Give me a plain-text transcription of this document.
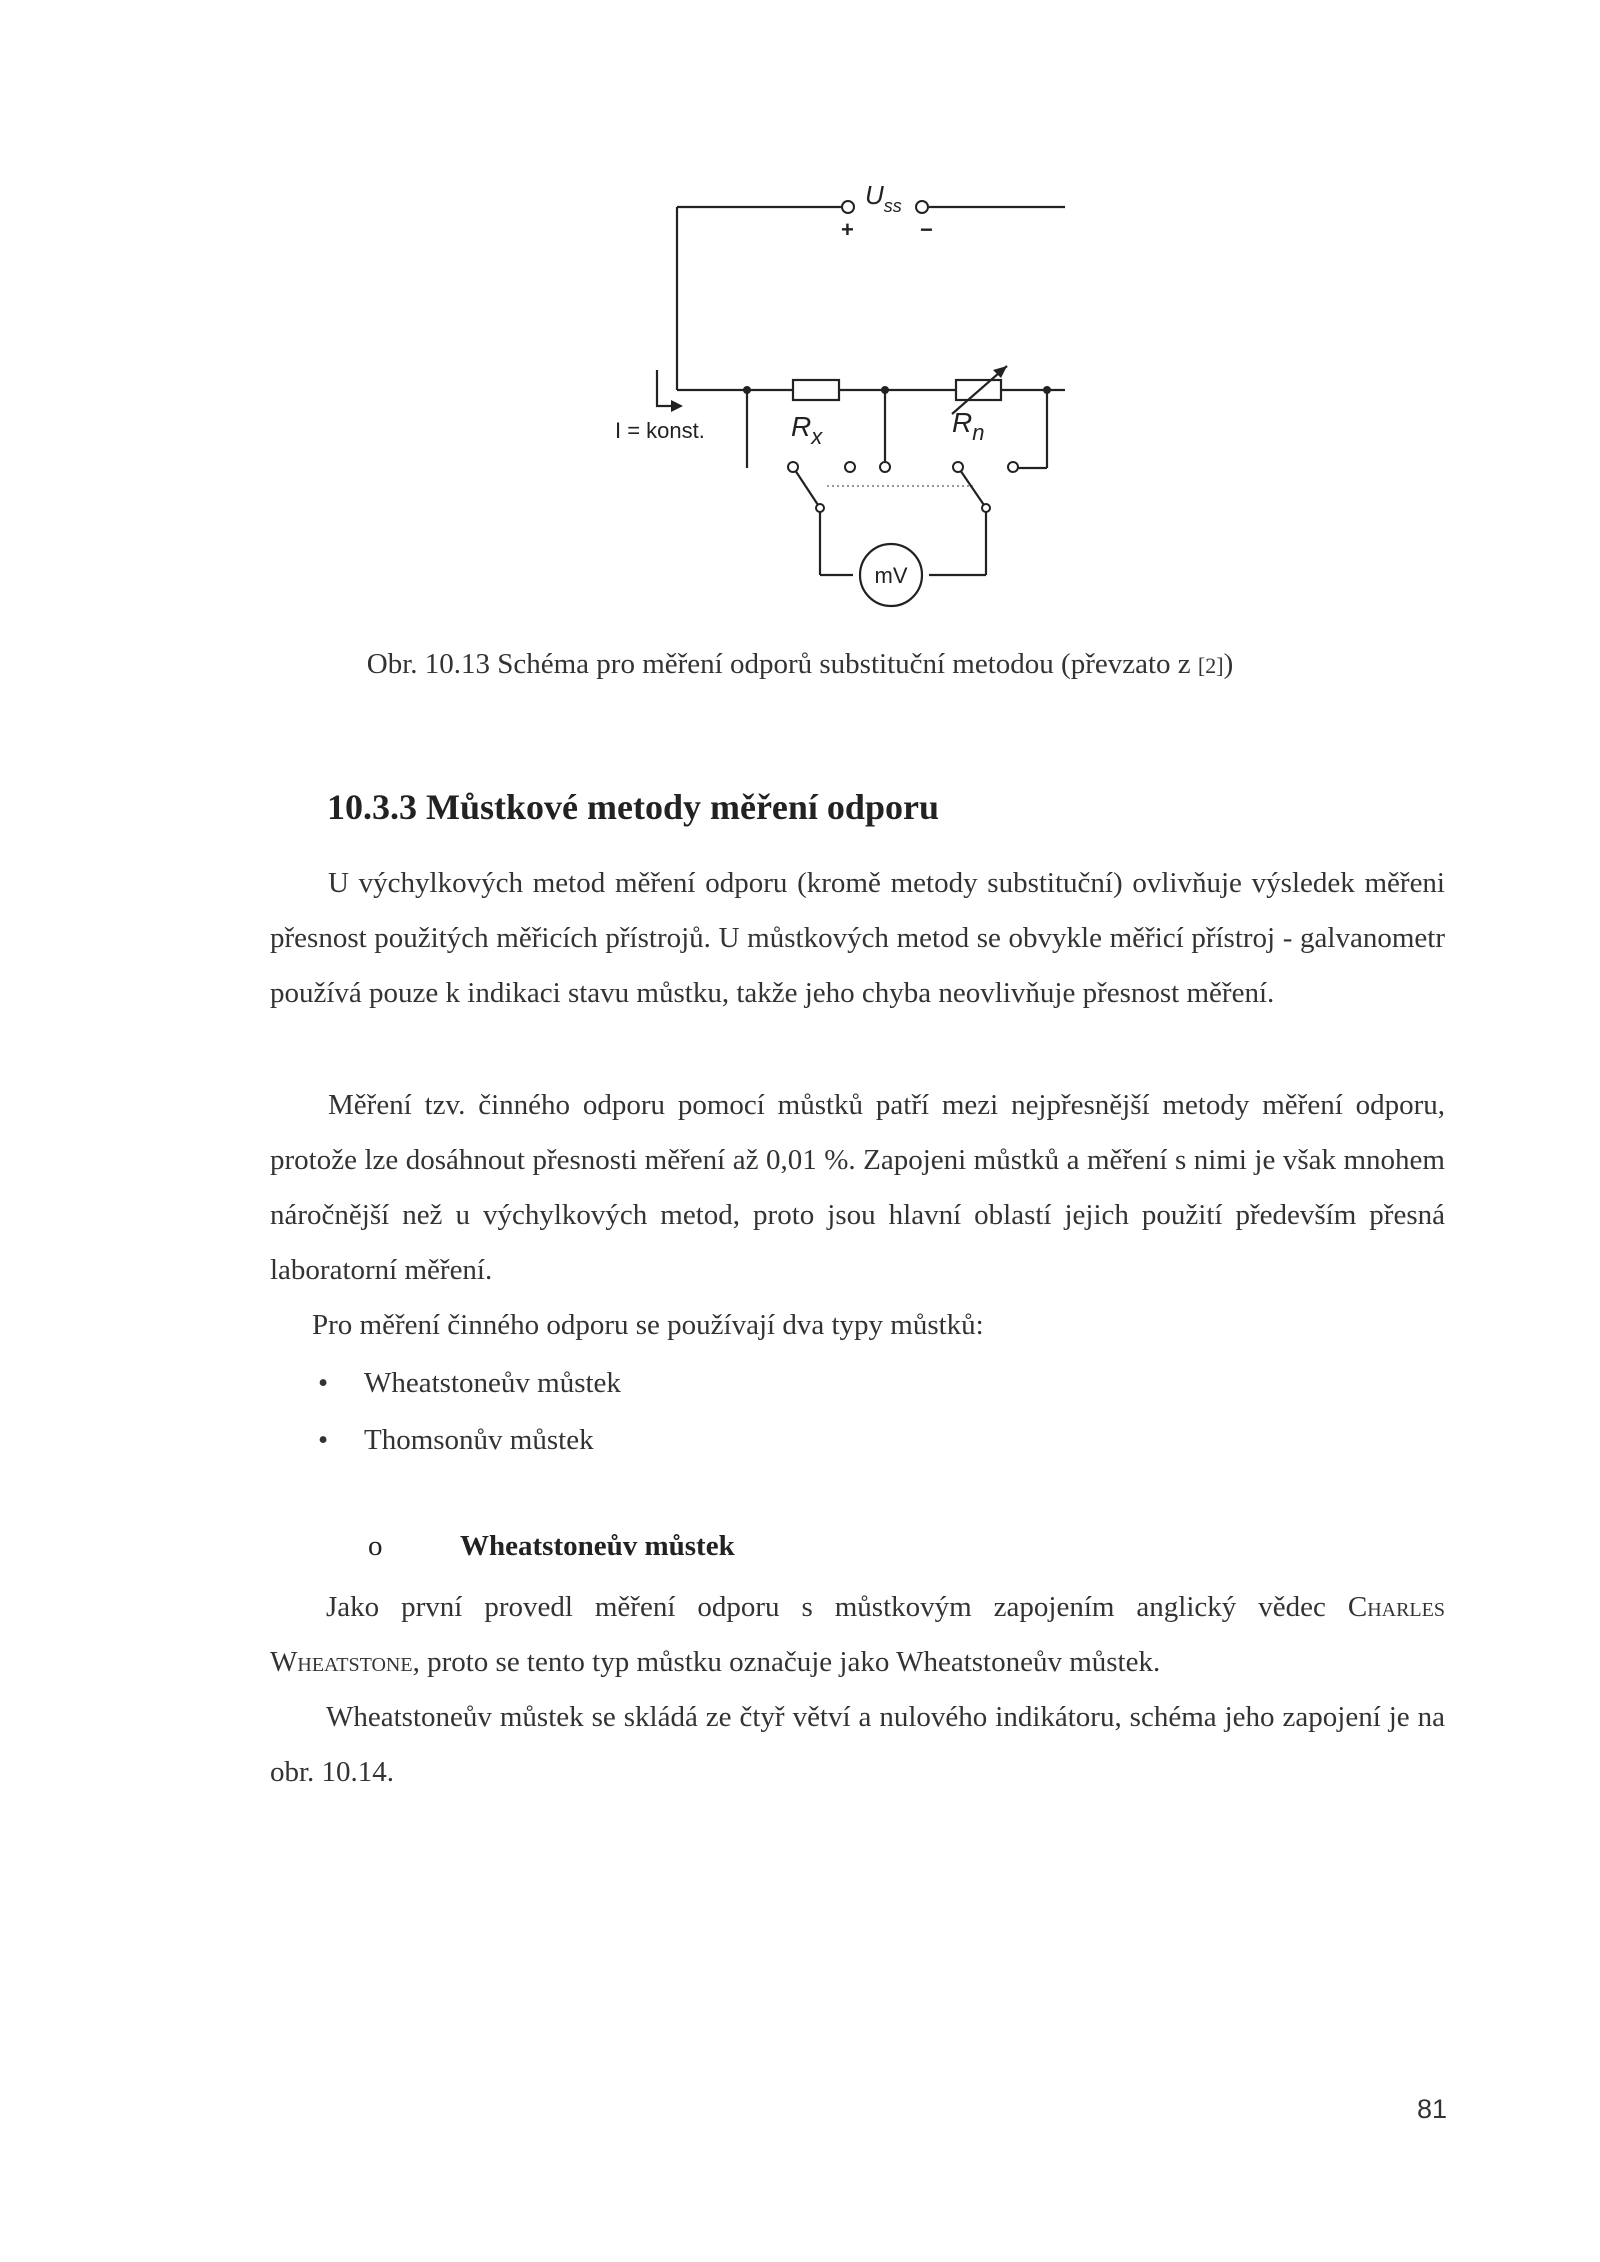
$U_{ss}$
+	−
I = konst.	$R_x$	$R_n$
mV
Obr. 10.13 Schéma pro měření odporů substituční metodou (převzato z [2])
10.3.3 Můstkové metody měření odporu

U výchylkových metod měření odporu (kromě metody substituční) ovlivňuje výsledek měřeni přesnost použitých měřicích přístrojů. U můstkových metod se obvykle měřicí přístroj - galvanometr používá pouze k indikaci stavu můstku, takže jeho chyba neovlivňuje přesnost měření.

Měření tzv. činného odporu pomocí můstků patří mezi nejpřesnější metody měření odporu, protože lze dosáhnout přesnosti měření až 0,01 %. Zapojeni můstků a měření s nimi je však mnohem náročnější než u výchylkových metod, proto jsou hlavní oblastí jejich použití především přesná laboratorní měření.

Pro měření činného odporu se používají dva typy můstků:

• Wheatstoneův můstek
• Thomsonův můstek
o	Wheatstoneův můstek

Jako první provedl měření odporu s můstkovým zapojením anglický vědec Charles Wheatstone, proto se tento typ můstku označuje jako Wheatstoneův můstek.

Wheatstoneův můstek se skládá ze čtyř větví a nulového indikátoru, schéma jeho zapojení je na obr. 10.14.

81
